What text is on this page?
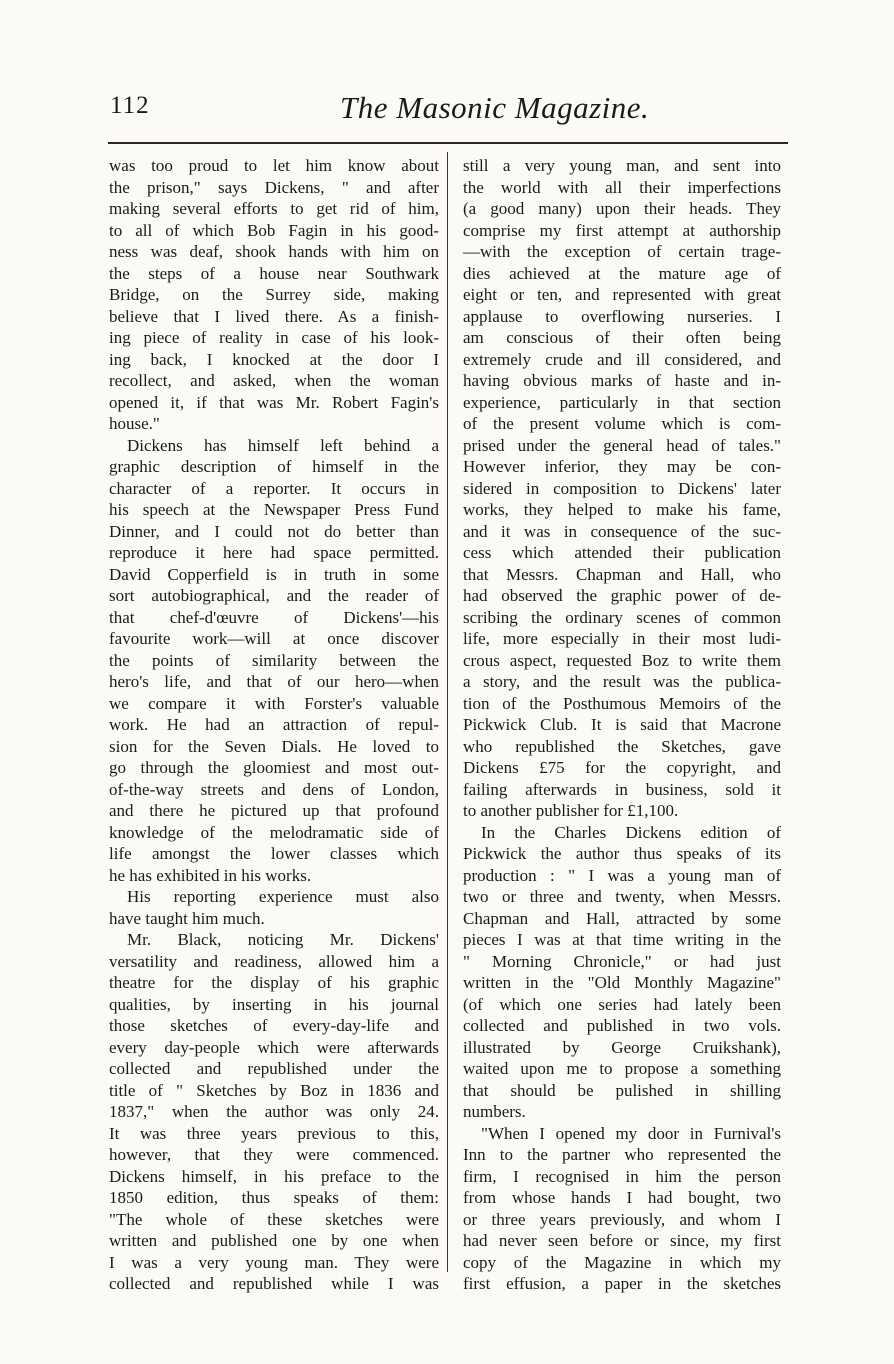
112	The Masonic Magazine.
was too proud to let him know about
the prison," says Dickens, " and after
making several efforts to get rid of him,
to all of which Bob Fagin in his good-
ness was deaf, shook hands with him on
the steps of a house near Southwark
Bridge, on the Surrey side, making
believe that I lived there. As a finish-
ing piece of reality in case of his look-
ing back, I knocked at the door I
recollect, and asked, when the woman
opened it, if that was Mr. Robert Fagin's
house."
Dickens has himself left behind a
graphic description of himself in the
character of a reporter. It occurs in
his speech at the Newspaper Press Fund
Dinner, and I could not do better than
reproduce it here had space permitted.
David Copperfield is in truth in some
sort autobiographical, and the reader of
that chef-d'œuvre of Dickens'—his
favourite work—will at once discover
the points of similarity between the
hero's life, and that of our hero—when
we compare it with Forster's valuable
work. He had an attraction of repul-
sion for the Seven Dials. He loved to
go through the gloomiest and most out-
of-the-way streets and dens of London,
and there he pictured up that profound
knowledge of the melodramatic side of
life amongst the lower classes which
he has exhibited in his works.
His reporting experience must also
have taught him much.
Mr. Black, noticing Mr. Dickens'
versatility and readiness, allowed him a
theatre for the display of his graphic
qualities, by inserting in his journal
those sketches of every-day-life and
every day-people which were afterwards
collected and republished under the
title of " Sketches by Boz in 1836 and
1837," when the author was only 24.
It was three years previous to this,
however, that they were commenced.
Dickens himself, in his preface to the
1850 edition, thus speaks of them:
"The whole of these sketches were
written and published one by one when
I was a very young man. They were
collected and republished while I was
still a very young man, and sent into
the world with all their imperfections
(a good many) upon their heads. They
comprise my first attempt at authorship
—with the exception of certain trage-
dies achieved at the mature age of
eight or ten, and represented with great
applause to overflowing nurseries. I
am conscious of their often being
extremely crude and ill considered, and
having obvious marks of haste and in-
experience, particularly in that section
of the present volume which is com-
prised under the general head of tales."
However inferior, they may be con-
sidered in composition to Dickens' later
works, they helped to make his fame,
and it was in consequence of the suc-
cess which attended their publication
that Messrs. Chapman and Hall, who
had observed the graphic power of de-
scribing the ordinary scenes of common
life, more especially in their most ludi-
crous aspect, requested Boz to write them
a story, and the result was the publica-
tion of the Posthumous Memoirs of the
Pickwick Club. It is said that Macrone
who republished the Sketches, gave
Dickens £75 for the copyright, and
failing afterwards in business, sold it
to another publisher for £1,100.
In the Charles Dickens edition of
Pickwick the author thus speaks of its
production : " I was a young man of
two or three and twenty, when Messrs.
Chapman and Hall, attracted by some
pieces I was at that time writing in the
" Morning Chronicle," or had just
written in the "Old Monthly Magazine"
(of which one series had lately been
collected and published in two vols.
illustrated by George Cruikshank),
waited upon me to propose a something
that should be pulished in shilling
numbers.
"When I opened my door in Furnival's
Inn to the partner who represented the
firm, I recognised in him the person
from whose hands I had bought, two
or three years previously, and whom I
had never seen before or since, my first
copy of the Magazine in which my
first effusion, a paper in the sketches
